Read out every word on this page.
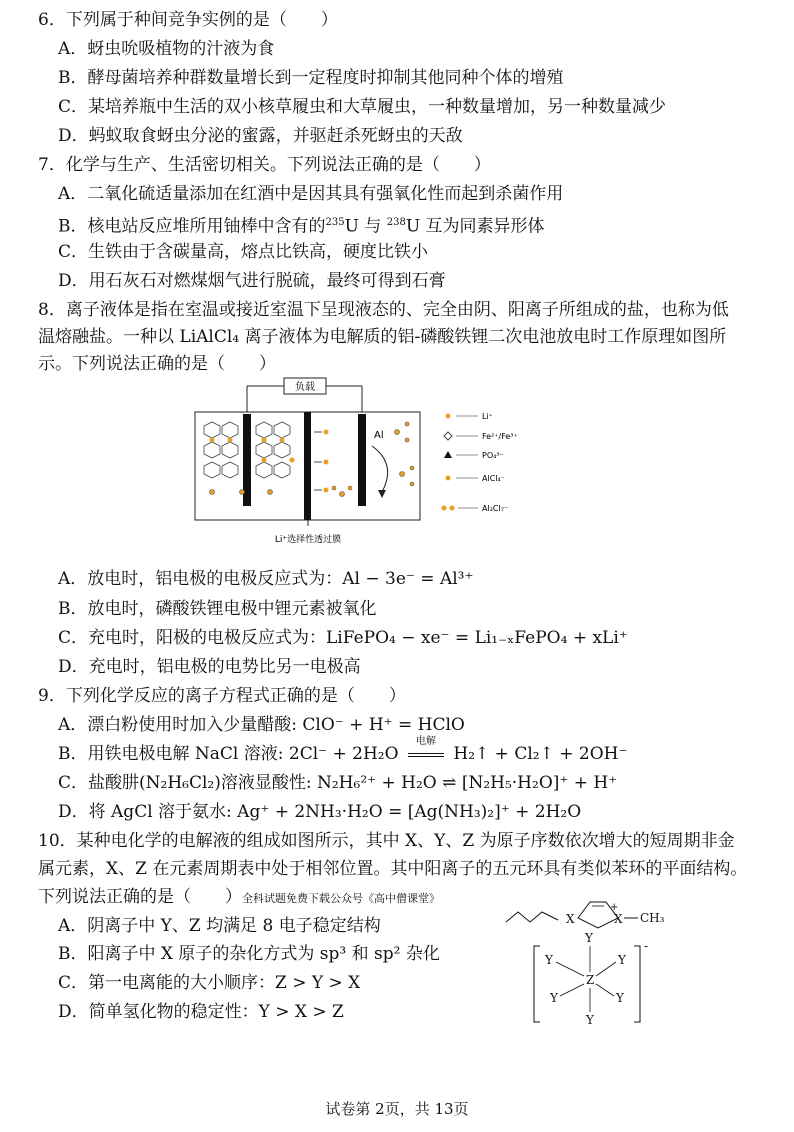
6．下列属于种间竞争实例的是（　　）
A．蚜虫吮吸植物的汁液为食
B．酵母菌培养种群数量增长到一定程度时抑制其他同种个体的增殖
C．某培养瓶中生活的双小核草履虫和大草履虫，一种数量增加，另一种数量减少
D．蚂蚁取食蚜虫分泌的蜜露，并驱赶杀死蚜虫的天敌
7．化学与生产、生活密切相关。下列说法正确的是（　　）
A．二氧化硫适量添加在红酒中是因其具有强氧化性而起到杀菌作用
B．核电站反应堆所用铀棒中含有的$^{235}$U 与 $^{238}$U 互为同素异形体
C．生铁由于含碳量高，熔点比铁高，硬度比铁小
D．用石灰石对燃煤烟气进行脱硫，最终可得到石膏
8．离子液体是指在室温或接近室温下呈现液态的、完全由阴、阳离子所组成的盐，也称为低
温熔融盐。一种以 LiAlCl₄ 离子液体为电解质的铝-磷酸铁锂二次电池放电时工作原理如图所
示。下列说法正确的是（　　）
负载
Al
Li⁺选择性透过膜
Li⁺
Fe²⁺/Fe³⁺
PO₄³⁻
AlCl₄⁻
Al₂Cl₇⁻
A．放电时，铝电极的电极反应式为：Al − 3e⁻ = Al³⁺
B．放电时，磷酸铁锂电极中锂元素被氧化
C．充电时，阳极的电极反应式为：LiFePO₄ − xe⁻ = Li₁₋ₓFePO₄ + xLi⁺
D．充电时，铝电极的电势比另一电极高
9．下列化学反应的离子方程式正确的是（　　）
A．漂白粉使用时加入少量醋酸: ClO⁻ + H⁺ = HClO
B．用铁电极电解 NaCl 溶液: 2Cl⁻ + 2H₂O
电解
H₂↑ + Cl₂↑ + 2OH⁻
C．盐酸肼(N₂H₆Cl₂)溶液显酸性: N₂H₆²⁺ + H₂O ⇌ [N₂H₅·H₂O]⁺ + H⁺
D．将 AgCl 溶于氨水: Ag⁺ + 2NH₃·H₂O = [Ag(NH₃)₂]⁺ + 2H₂O
10．某种电化学的电解液的组成如图所示，其中 X、Y、Z 为原子序数依次增大的短周期非金
属元素，X、Z 在元素周期表中处于相邻位置。其中阳离子的五元环具有类似苯环的平面结构。
下列说法正确的是（　　）全科试题免费下载公众号《高中僧课堂》
A．阴离子中 Y、Z 均满足 8 电子稳定结构
B．阳离子中 X 原子的杂化方式为 sp³ 和 sp² 杂化
C．第一电离能的大小顺序：Z > Y > X
D．简单氢化物的稳定性：Y > X > Z
X	X
+
CH₃
Y
Y	Y
Z
Y	Y
Y
-
试卷第 2页，共 13页
